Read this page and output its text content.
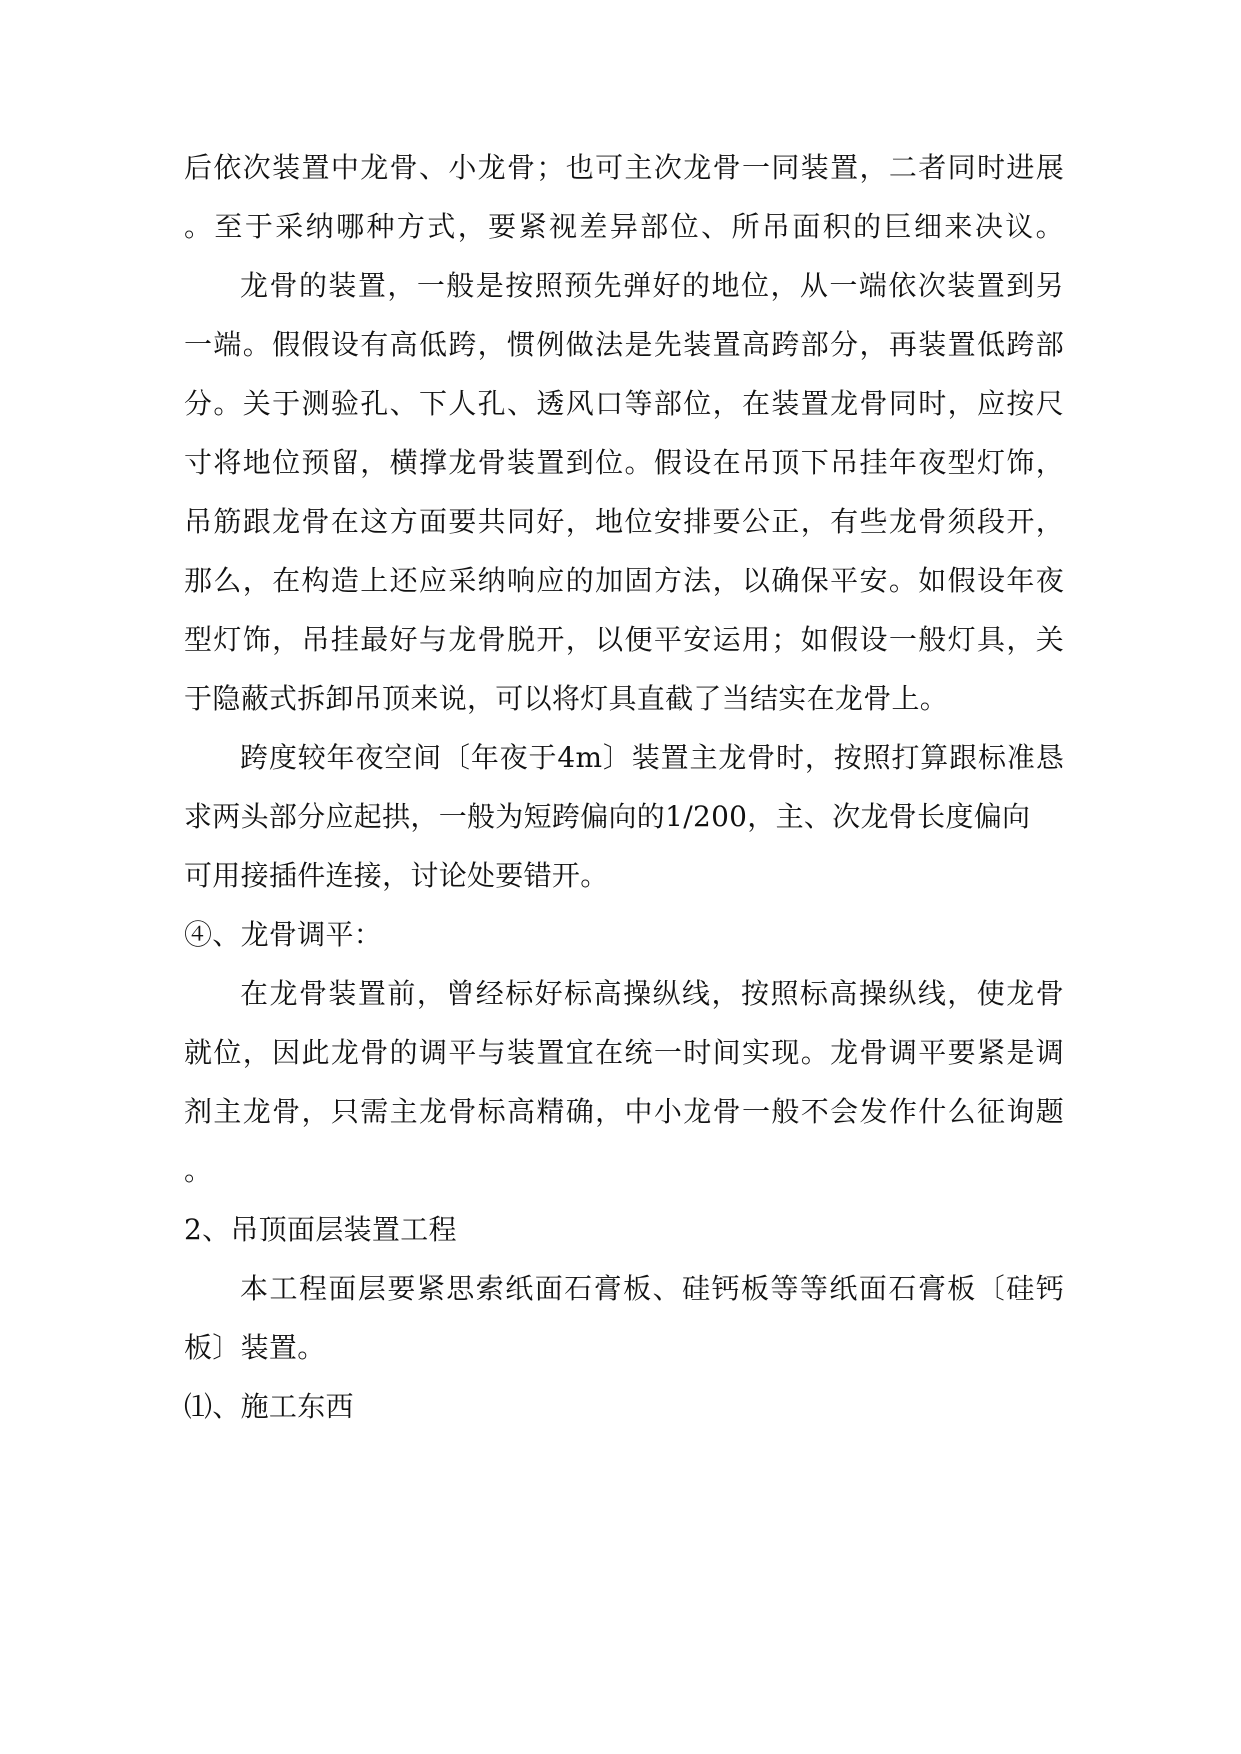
后依次装置中龙骨、小龙骨；也可主次龙骨一同装置，二者同时进展
。至于采纳哪种方式，要紧视差异部位、所吊面积的巨细来决议。
龙骨的装置，一般是按照预先弹好的地位，从一端依次装置到另
一端。假假设有高低跨，惯例做法是先装置高跨部分，再装置低跨部
分。关于测验孔、下人孔、透风口等部位，在装置龙骨同时，应按尺
寸将地位预留，横撑龙骨装置到位。假设在吊顶下吊挂年夜型灯饰，
吊筋跟龙骨在这方面要共同好，地位安排要公正，有些龙骨须段开，
那么，在构造上还应采纳响应的加固方法，以确保平安。如假设年夜
型灯饰，吊挂最好与龙骨脱开，以便平安运用；如假设一般灯具，关
于隐蔽式拆卸吊顶来说，可以将灯具直截了当结实在龙骨上。
跨度较年夜空间〔年夜于4m〕装置主龙骨时，按照打算跟标准恳
求两头部分应起拱，一般为短跨偏向的1/200，主、次龙骨长度偏向
可用接插件连接，讨论处要错开。
④、龙骨调平：
在龙骨装置前，曾经标好标高操纵线，按照标高操纵线，使龙骨
就位，因此龙骨的调平与装置宜在统一时间实现。龙骨调平要紧是调
剂主龙骨，只需主龙骨标高精确，中小龙骨一般不会发作什么征询题
。
2、吊顶面层装置工程
本工程面层要紧思索纸面石膏板、硅钙板等等纸面石膏板〔硅钙
板〕装置。
⑴、施工东西
